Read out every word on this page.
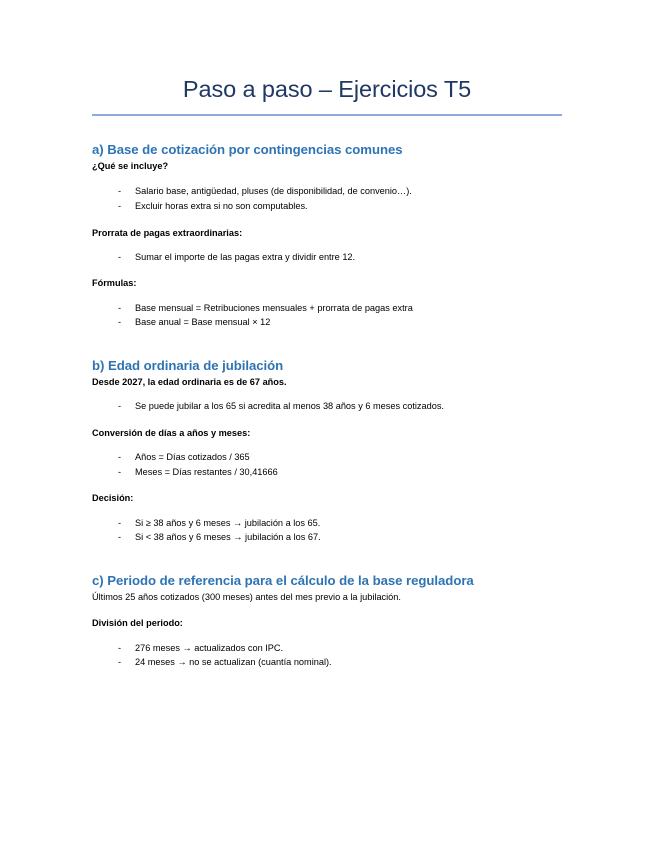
Paso a paso – Ejercicios T5
a) Base de cotización por contingencias comunes

¿Qué se incluye?

- Salario base, antigüedad, pluses (de disponibilidad, de convenio…).
- Excluir horas extra si no son computables.

Prorrata de pagas extraordinarias:

- Sumar el importe de las pagas extra y dividir entre 12.

Fórmulas:

- Base mensual = Retribuciones mensuales + prorrata de pagas extra
- Base anual = Base mensual × 12
b) Edad ordinaria de jubilación

Desde 2027, la edad ordinaria es de 67 años.

- Se puede jubilar a los 65 si acredita al menos 38 años y 6 meses cotizados.

Conversión de días a años y meses:

- Años = Días cotizados / 365
- Meses = Días restantes / 30,41666

Decisión:

- Si ≥ 38 años y 6 meses → jubilación a los 65.
- Si < 38 años y 6 meses → jubilación a los 67.
c) Periodo de referencia para el cálculo de la base reguladora

Últimos 25 años cotizados (300 meses) antes del mes previo a la jubilación.

División del periodo:

- 276 meses → actualizados con IPC.
- 24 meses → no se actualizan (cuantía nominal).
